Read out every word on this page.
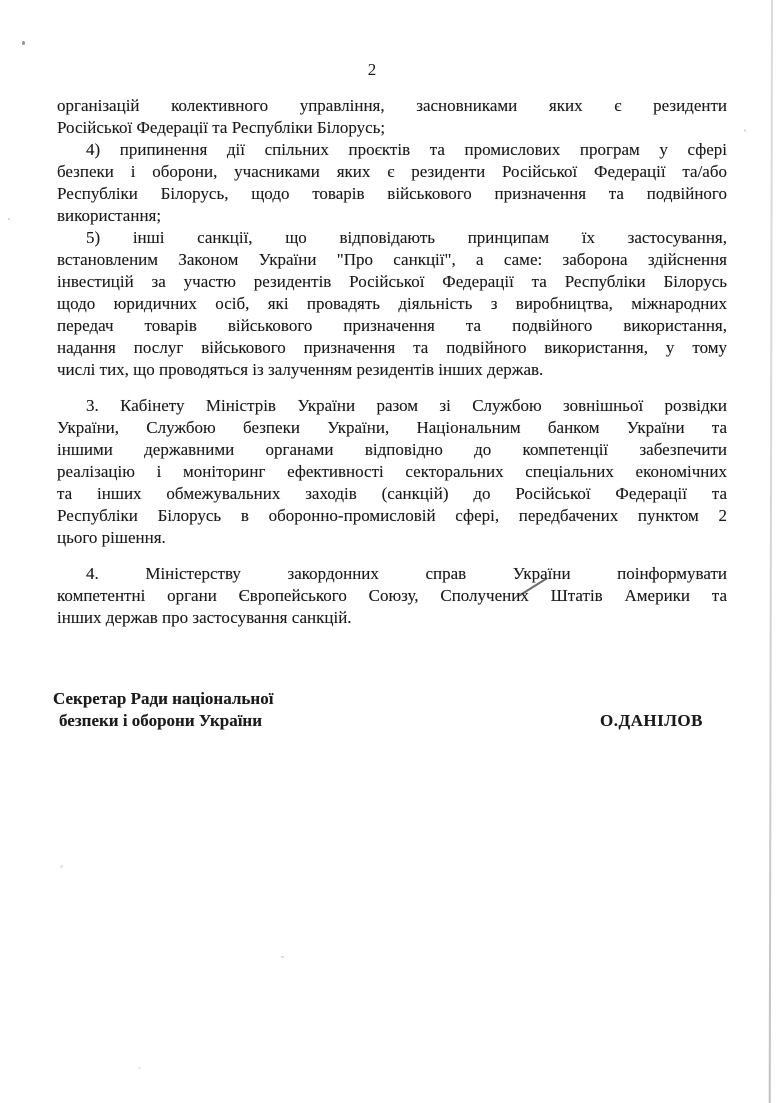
2
організацій колективного управління, засновниками яких є резиденти
Російської Федерації та Республіки Білорусь;
4) припинення дії спільних проєктів та промислових програм у сфері
безпеки і оборони, учасниками яких є резиденти Російської Федерації та/або
Республіки Білорусь, щодо товарів військового призначення та подвійного
використання;
5) інші санкції, що відповідають принципам їх застосування,
встановленим Законом України "Про санкції", а саме: заборона здійснення
інвестицій за участю резидентів Російської Федерації та Республіки Білорусь
щодо юридичних осіб, які провадять діяльність з виробництва, міжнародних
передач товарів військового призначення та подвійного використання,
надання послуг військового призначення та подвійного використання, у тому
числі тих, що проводяться із залученням резидентів інших держав.
3. Кабінету Міністрів України разом зі Службою зовнішньої розвідки
України, Службою безпеки України, Національним банком України та
іншими державними органами відповідно до компетенції забезпечити
реалізацію і моніторинг ефективності секторальних спеціальних економічних
та інших обмежувальних заходів (санкцій) до Російської Федерації та
Республіки Білорусь в оборонно-промисловій сфері, передбачених пунктом 2
цього рішення.
4. Міністерству закордонних справ України поінформувати
компетентні органи Європейського Союзу, Сполучених Штатів Америки та
інших держав про застосування санкцій.
Секретар Ради національної
безпеки і оборони України	О.ДАНІЛОВ
